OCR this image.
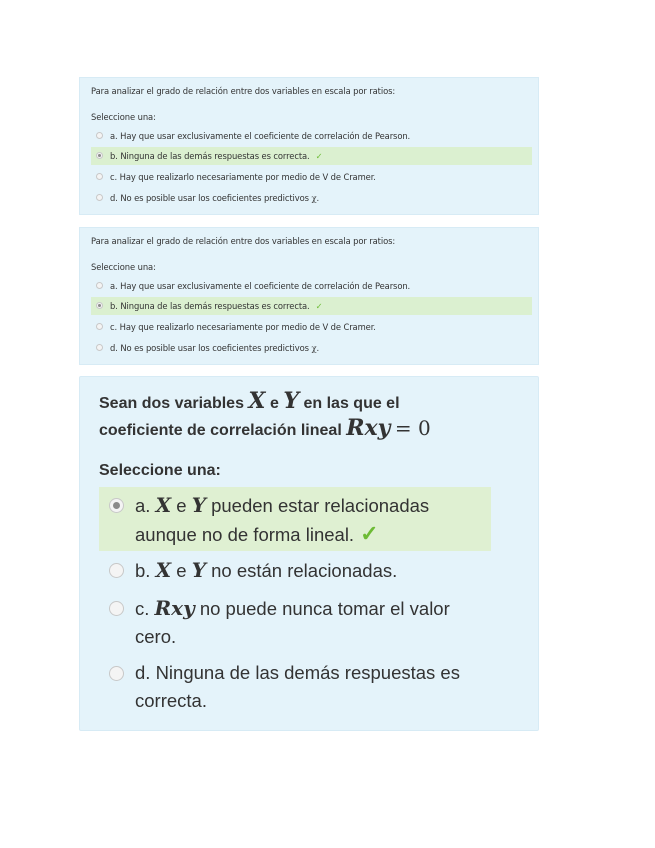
Para analizar el grado de relación entre dos variables en escala por ratios:
Seleccione una:
a. Hay que usar exclusivamente el coeficiente de correlación de Pearson.
b. Ninguna de las demás respuestas es correcta. ✓
c. Hay que realizarlo necesariamente por medio de V de Cramer.
d. No es posible usar los coeficientes predictivos χ.
Para analizar el grado de relación entre dos variables en escala por ratios:
Seleccione una:
a. Hay que usar exclusivamente el coeficiente de correlación de Pearson.
b. Ninguna de las demás respuestas es correcta. ✓
c. Hay que realizarlo necesariamente por medio de V de Cramer.
d. No es posible usar los coeficientes predictivos χ.
Sean dos variables X e Y en las que el
coeficiente de correlación lineal Rxy = 0
Seleccione una:
a. X e Y pueden estar relacionadas
aunque no de forma lineal. ✓
b. X e Y no están relacionadas.
c. Rxy no puede nunca tomar el valor
cero.
d. Ninguna de las demás respuestas es
correcta.
